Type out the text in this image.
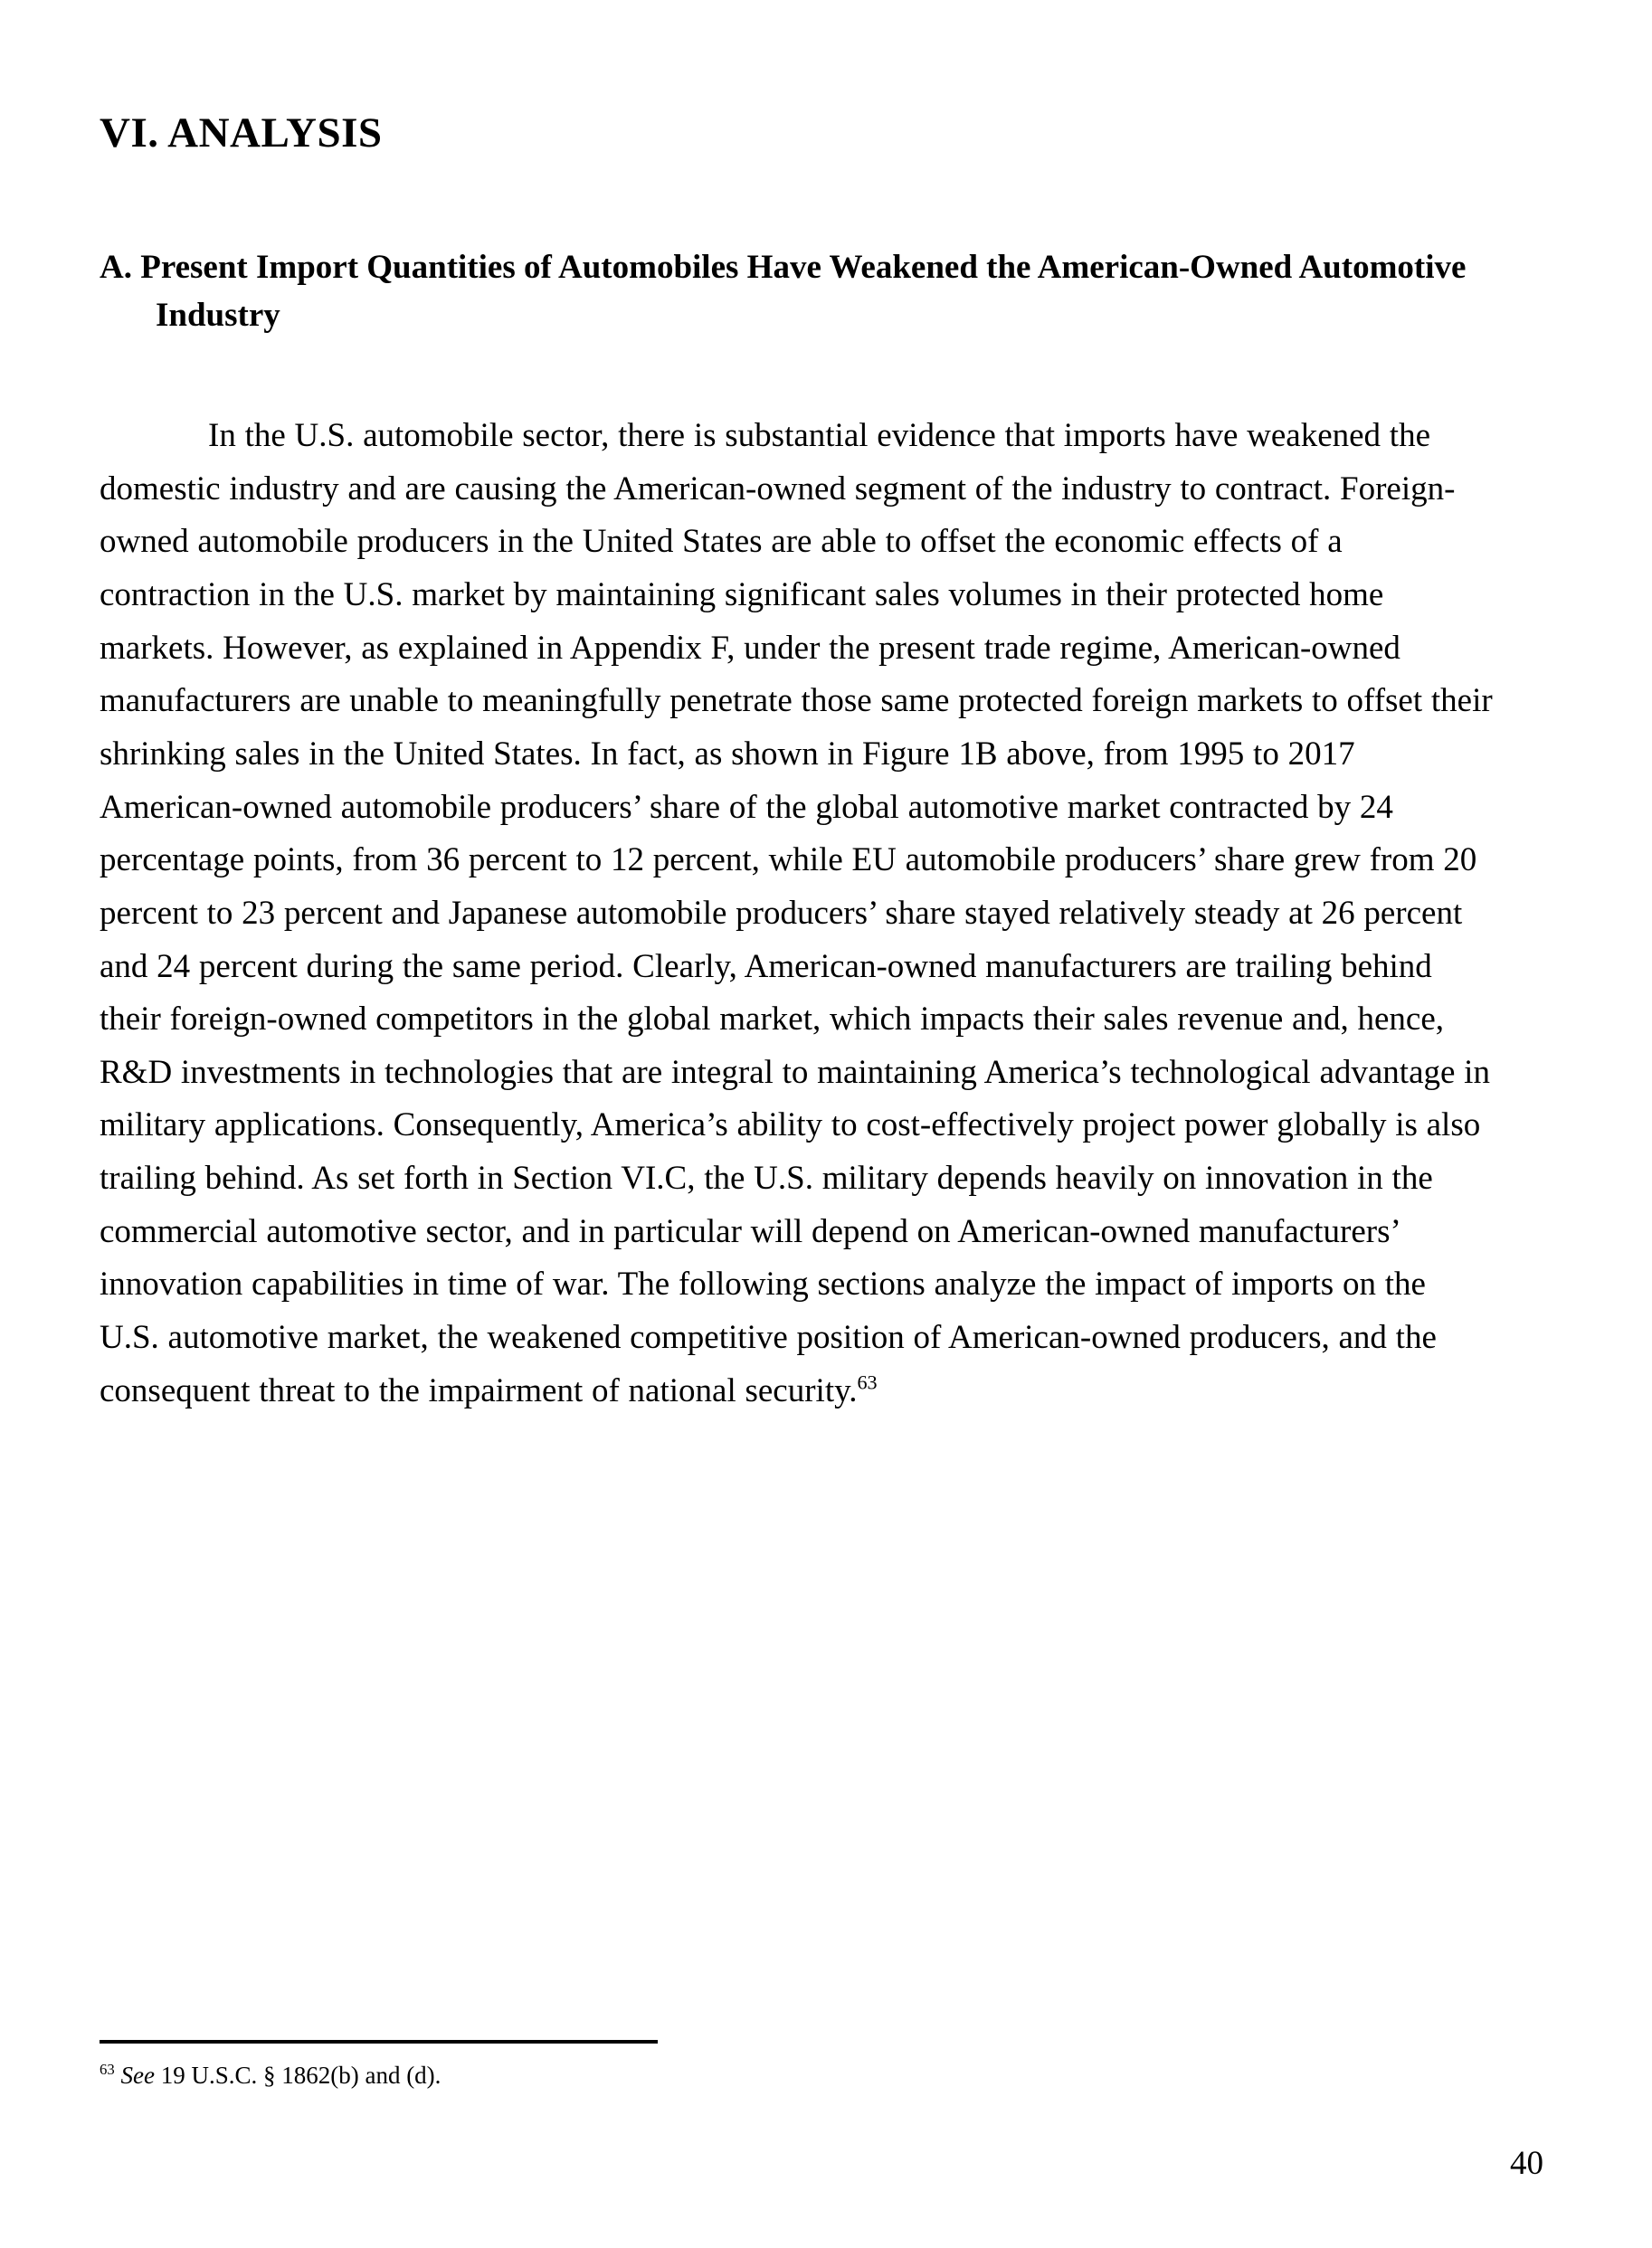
VI. ANALYSIS
A. Present Import Quantities of Automobiles Have Weakened the American-Owned Automotive Industry

In the U.S. automobile sector, there is substantial evidence that imports have weakened the domestic industry and are causing the American-owned segment of the industry to contract. Foreign-owned automobile producers in the United States are able to offset the economic effects of a contraction in the U.S. market by maintaining significant sales volumes in their protected home markets. However, as explained in Appendix F, under the present trade regime, American-owned manufacturers are unable to meaningfully penetrate those same protected foreign markets to offset their shrinking sales in the United States. In fact, as shown in Figure 1B above, from 1995 to 2017 American-owned automobile producers’ share of the global automotive market contracted by 24 percentage points, from 36 percent to 12 percent, while EU automobile producers’ share grew from 20 percent to 23 percent and Japanese automobile producers’ share stayed relatively steady at 26 percent and 24 percent during the same period. Clearly, American-owned manufacturers are trailing behind their foreign-owned competitors in the global market, which impacts their sales revenue and, hence, R&D investments in technologies that are integral to maintaining America’s technological advantage in military applications. Consequently, America’s ability to cost-effectively project power globally is also trailing behind. As set forth in Section VI.C, the U.S. military depends heavily on innovation in the commercial automotive sector, and in particular will depend on American-owned manufacturers’ innovation capabilities in time of war. The following sections analyze the impact of imports on the U.S. automotive market, the weakened competitive position of American-owned producers, and the consequent threat to the impairment of national security.$^{63}$

$^{63}$ See 19 U.S.C. § 1862(b) and (d).

40
